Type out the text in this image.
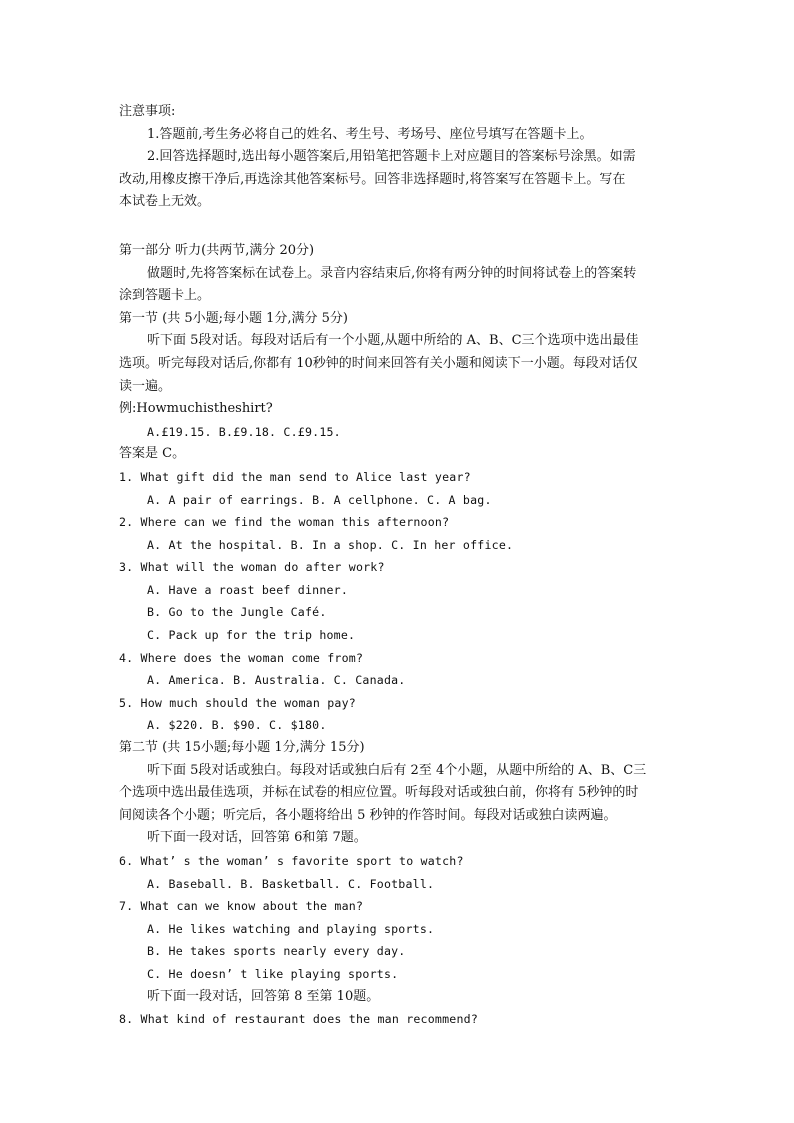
注意事项:
1.答题前,考生务必将自己的姓名、考生号、考场号、座位号填写在答题卡上。
2.回答选择题时,选出每小题答案后,用铅笔把答题卡上对应题目的答案标号涂黑。如需
改动,用橡皮擦干净后,再选涂其他答案标号。回答非选择题时,将答案写在答题卡上。写在
本试卷上无效。
第一部分 听力(共两节,满分 20分)
做题时,先将答案标在试卷上。录音内容结束后,你将有两分钟的时间将试卷上的答案转
涂到答题卡上。
第一节 (共 5小题;每小题 1分,满分 5分)
听下面 5段对话。每段对话后有一个小题,从题中所给的 A、B、C三个选项中选出最佳
选项。听完每段对话后,你都有 10秒钟的时间来回答有关小题和阅读下一小题。每段对话仅
读一遍。
例:Howmuchistheshirt?
A.£19.15. B.£9.18. C.£9.15.
答案是 C。
1. What gift did the man send to Alice last year?
A. A pair of earrings. B. A cellphone. C. A bag.
2. Where can we find the woman this afternoon?
A. At the hospital. B. In a shop. C. In her office.
3. What will the woman do after work?
A. Have a roast beef dinner.
B. Go to the Jungle Café.
C. Pack up for the trip home.
4. Where does the woman come from?
A. America. B. Australia. C. Canada.
5. How much should the woman pay?
A. $220. B. $90. C. $180.
第二节 (共 15小题;每小题 1分,满分 15分)
听下面 5段对话或独白。每段对话或独白后有 2至 4个小题，从题中所给的 A、B、C三
个选项中选出最佳选项，并标在试卷的相应位置。听每段对话或独白前，你将有 5秒钟的时
间阅读各个小题；听完后，各小题将给出 5 秒钟的作答时间。每段对话或独白读两遍。
听下面一段对话，回答第 6和第 7题。
6. What’ s the woman’ s favorite sport to watch?
A. Baseball. B. Basketball. C. Football.
7. What can we know about the man?
A. He likes watching and playing sports.
B. He takes sports nearly every day.
C. He doesn’ t like playing sports.
听下面一段对话，回答第 8 至第 10题。
8. What kind of restaurant does the man recommend?
